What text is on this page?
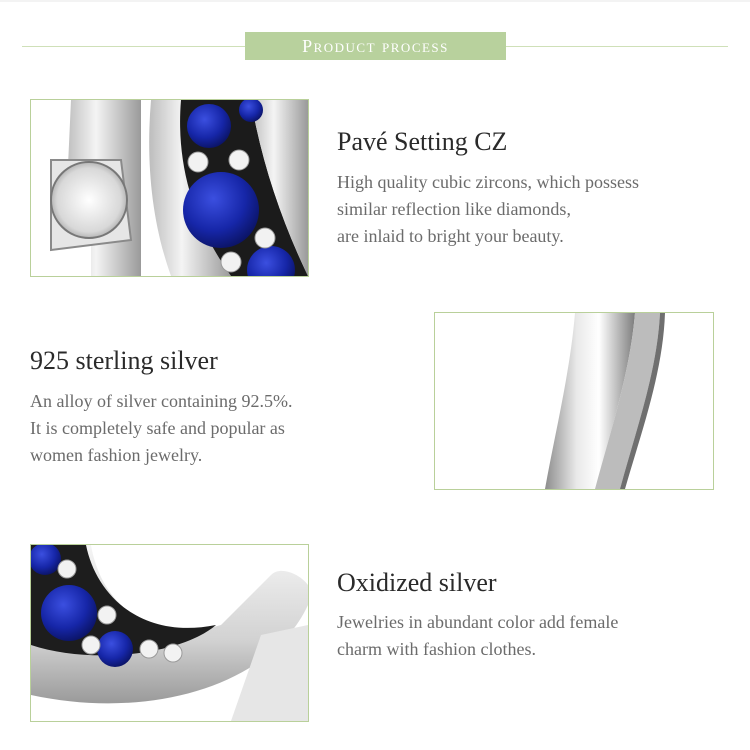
Product process
Pavé Setting CZ
High quality cubic zircons, which possess
similar reflection like diamonds,
are inlaid to bright your beauty.
925 sterling silver
An alloy of silver containing 92.5%.
It is completely safe and popular as
women fashion jewelry.
Oxidized silver
Jewelries in abundant color add female
charm with fashion clothes.
